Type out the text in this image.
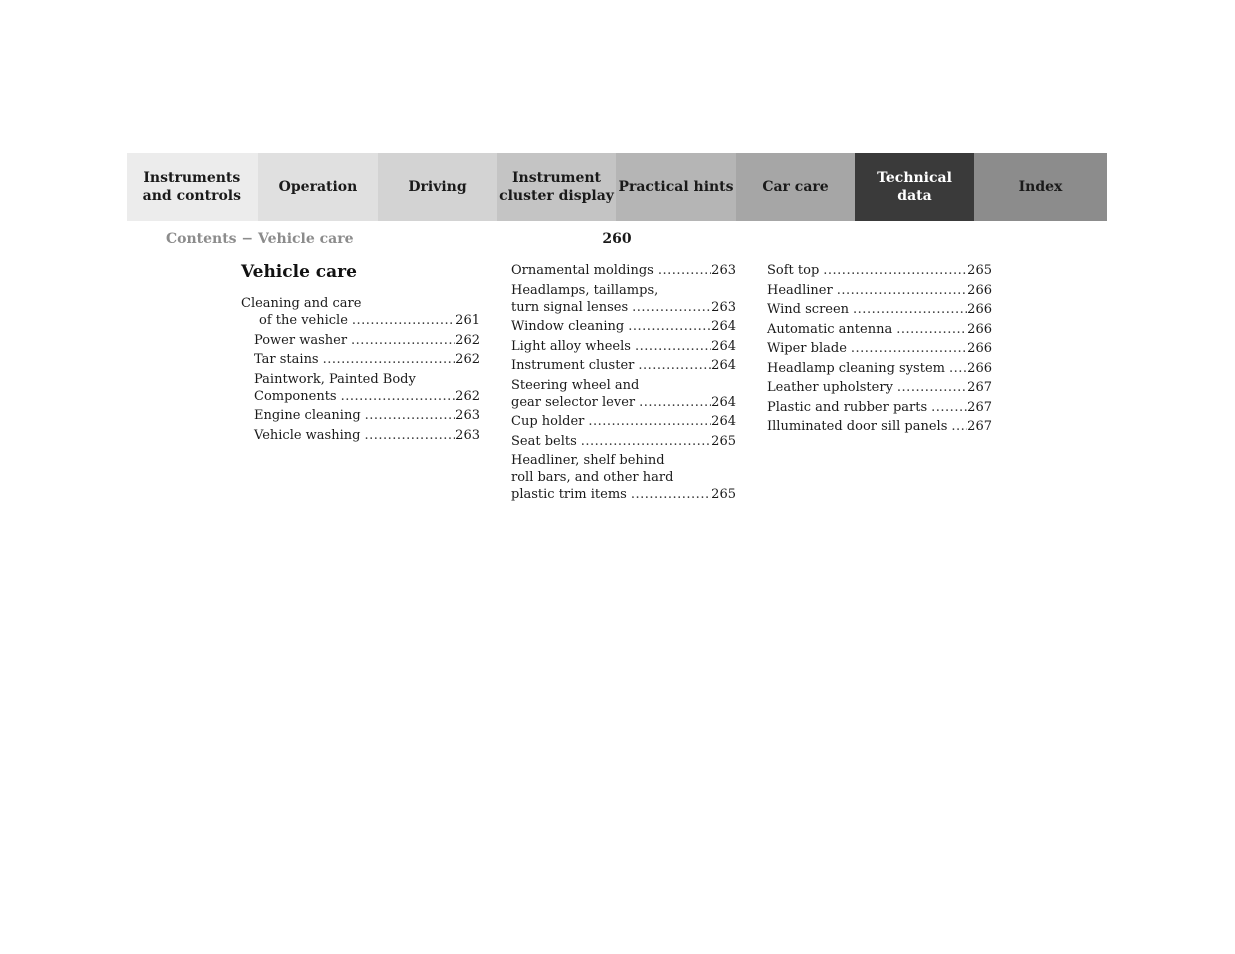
Instruments
and controls
Operation	Driving
Instrument
cluster display
Practical hints Car care
Technical
data
Index
Contents − Vehicle care	260
Vehicle care
Cleaning and care
of the vehicle .....	261
Power washer .....	262
Tar stains .....	262
Paintwork, Painted Body
Components .....	262
Engine cleaning .....	263
Vehicle washing .....	263
Ornamental moldings .....	263
Headlamps, taillamps,
turn signal lenses .....	263
Window cleaning .....	264
Light alloy wheels .....	264
Instrument cluster .....	264
Steering wheel and
gear selector lever .....	264
Cup holder .....	264
Seat belts .....	265
Headliner, shelf behind
roll bars, and other hard
plastic trim items .....	265
Soft top .....	265
Headliner .....	266
Wind screen .....	266
Automatic antenna .....	266
Wiper blade .....	266
Headlamp cleaning system .....	266
Leather upholstery .....	267
Plastic and rubber parts .....	267
Illuminated door sill panels .....	267
